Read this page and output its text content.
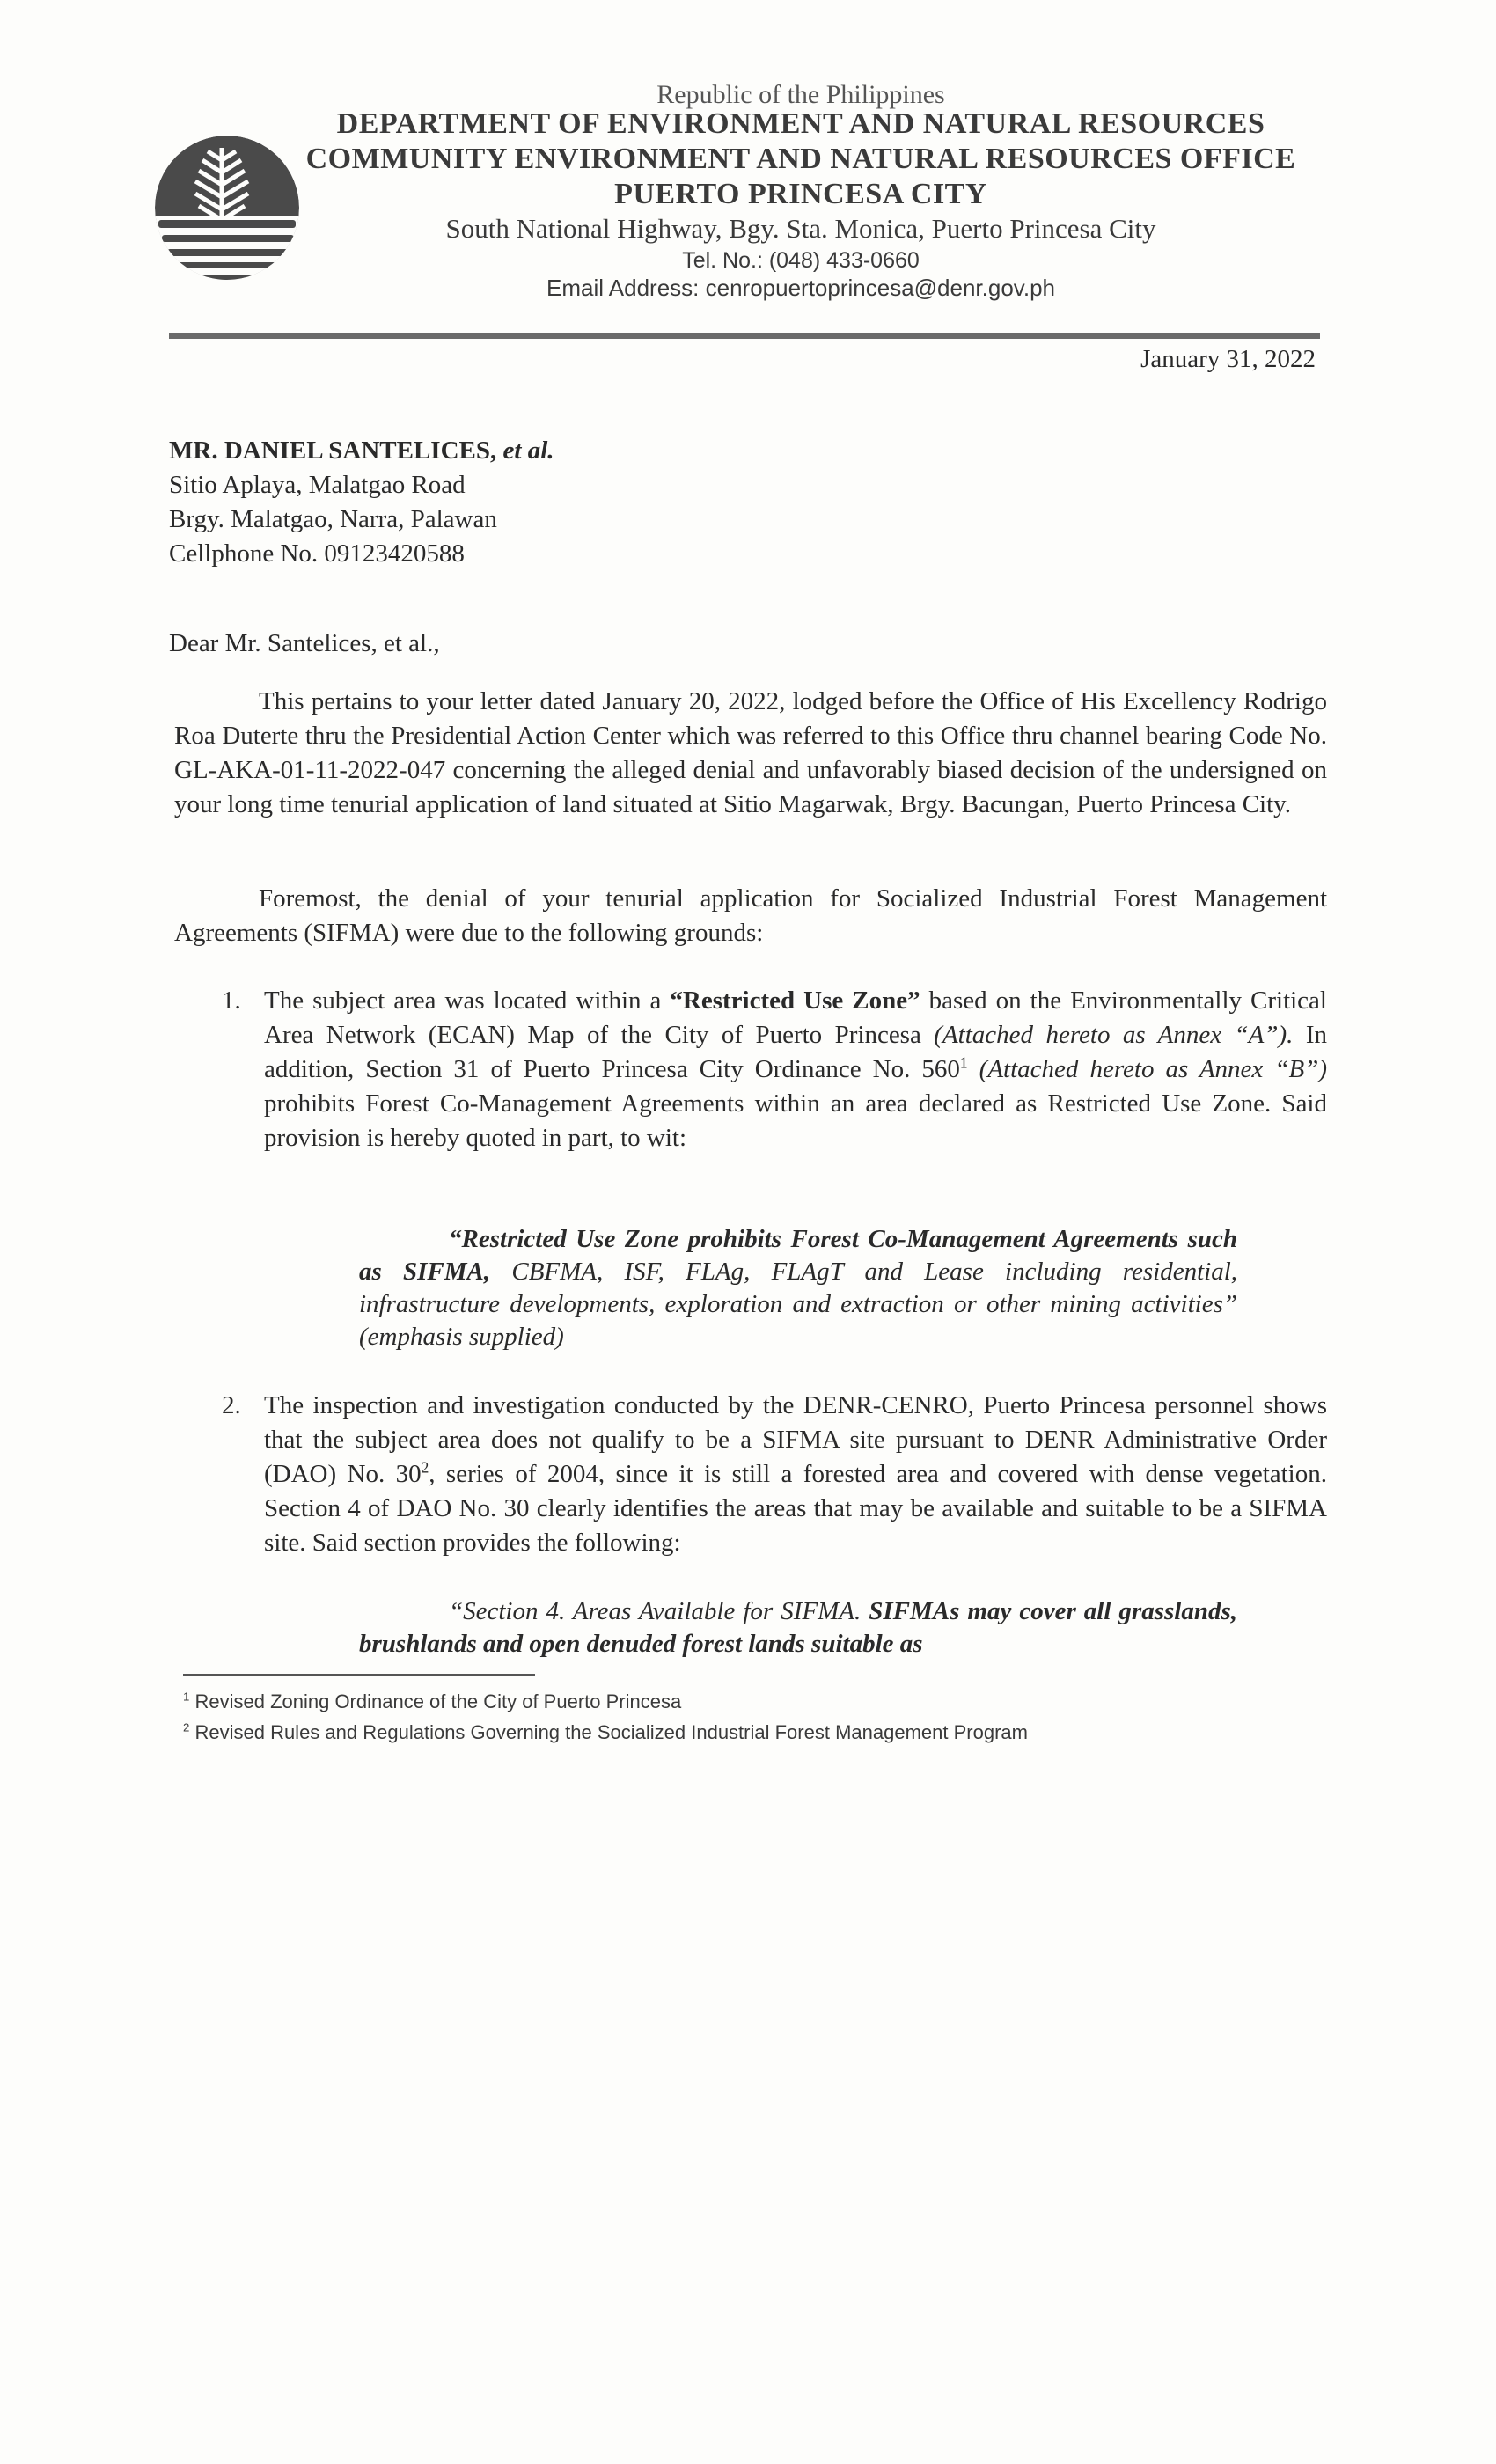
Republic of the Philippines
DEPARTMENT OF ENVIRONMENT AND NATURAL RESOURCES
COMMUNITY ENVIRONMENT AND NATURAL RESOURCES OFFICE
PUERTO PRINCESA CITY
South National Highway, Bgy. Sta. Monica, Puerto Princesa City
Tel. No.: (048) 433-0660
Email Address: cenropuertoprincesa@denr.gov.ph
January 31, 2022
MR. DANIEL SANTELICES, et al.
Sitio Aplaya, Malatgao Road
Brgy. Malatgao, Narra, Palawan
Cellphone No. 09123420588
Dear Mr. Santelices, et al.,
This pertains to your letter dated January 20, 2022, lodged before the Office of His Excellency Rodrigo Roa Duterte thru the Presidential Action Center which was referred to this Office thru channel bearing Code No. GL-AKA-01-11-2022-047 concerning the alleged denial and unfavorably biased decision of the undersigned on your long time tenurial application of land situated at Sitio Magarwak, Brgy. Bacungan, Puerto Princesa City.
Foremost, the denial of your tenurial application for Socialized Industrial Forest Management Agreements (SIFMA) were due to the following grounds:
1. The subject area was located within a “Restricted Use Zone” based on the Environmentally Critical Area Network (ECAN) Map of the City of Puerto Princesa (Attached hereto as Annex “A”). In addition, Section 31 of Puerto Princesa City Ordinance No. $560^1$ (Attached hereto as Annex “B”) prohibits Forest Co-Management Agreements within an area declared as Restricted Use Zone. Said provision is hereby quoted in part, to wit:
“Restricted Use Zone prohibits Forest Co-Management Agreements such as SIFMA, CBFMA, ISF, FLAg, FLAgT and Lease including residential, infrastructure developments, exploration and extraction or other mining activities” (emphasis supplied)
2. The inspection and investigation conducted by the DENR-CENRO, Puerto Princesa personnel shows that the subject area does not qualify to be a SIFMA site pursuant to DENR Administrative Order (DAO) No. $30^2$, series of 2004, since it is still a forested area and covered with dense vegetation. Section 4 of DAO No. 30 clearly identifies the areas that may be available and suitable to be a SIFMA site. Said section provides the following:
“Section 4. Areas Available for SIFMA. SIFMAs may cover all grasslands, brushlands and open denuded forest lands suitable as
$^1$ Revised Zoning Ordinance of the City of Puerto Princesa
$^2$ Revised Rules and Regulations Governing the Socialized Industrial Forest Management Program
